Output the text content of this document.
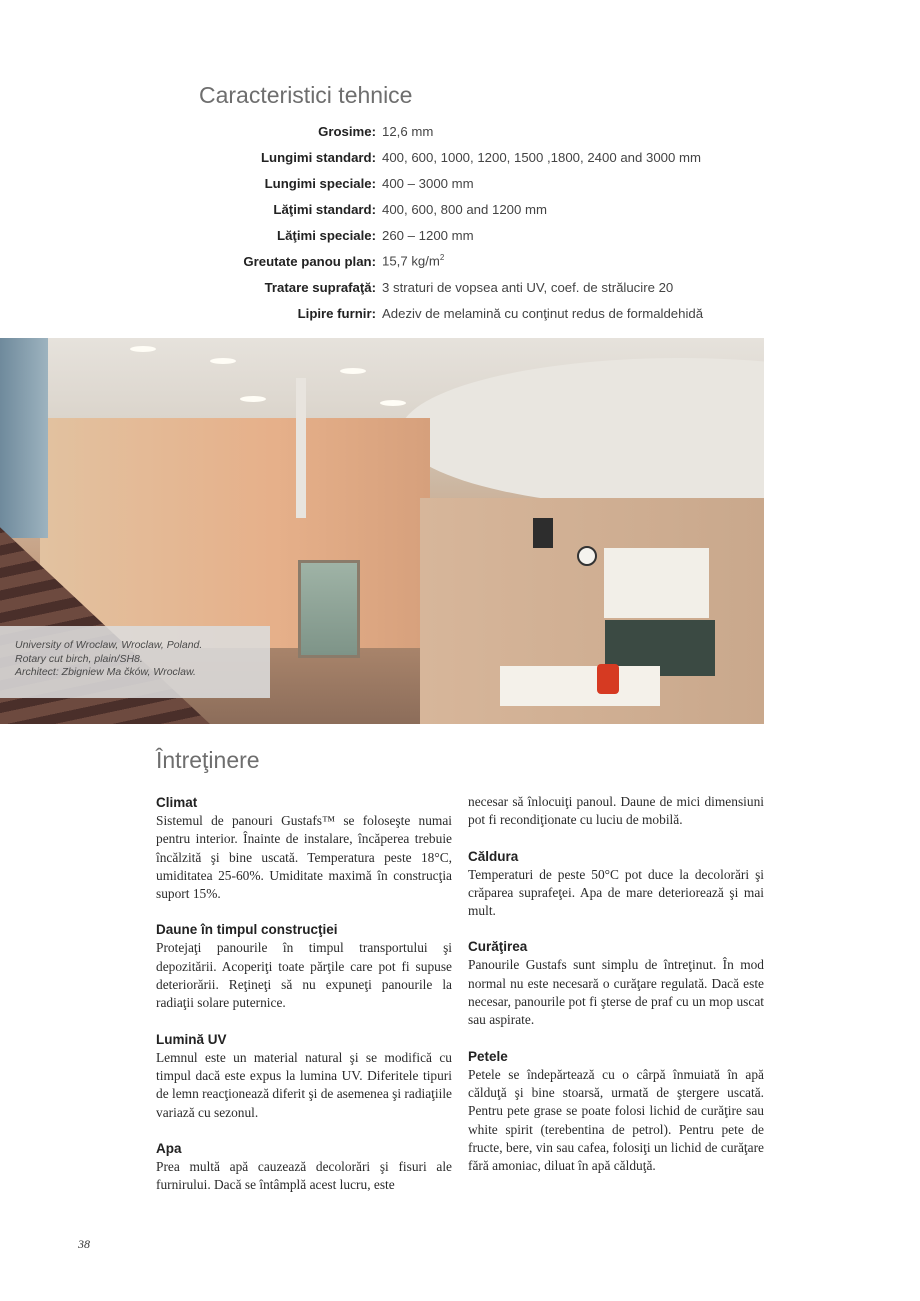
Caracteristici tehnice
Grosime: 12,6 mm
Lungimi standard: 400, 600, 1000, 1200, 1500 ,1800, 2400 and 3000 mm
Lungimi speciale: 400 – 3000 mm
Lăţimi standard: 400, 600, 800 and 1200 mm
Lăţimi speciale: 260 – 1200 mm
Greutate panou plan: 15,7 $kg/m^2$
Tratare suprafaţă: 3 straturi de vopsea anti UV, coef. de strălucire 20
Lipire furnir: Adeziv de melamină cu conţinut redus de formaldehidă
University of Wroclaw, Wroclaw, Poland.
Rotary cut birch, plain/SH8.
Architect: Zbigniew Ma čków, Wroclaw.
Întreţinere
Climat

Sistemul de panouri Gustafs™ se foloseşte numai pentru interior. Înainte de instalare, încăperea trebuie încălzită şi bine uscată. Temperatura peste 18°C, umiditatea 25-60%. Umiditate maximă în construcţia suport 15%.

Daune în timpul construcţiei

Protejaţi panourile în timpul transportului şi depozitării. Acoperiţi toate părţile care pot fi supuse deteriorării. Reţineţi să nu expuneţi panourile la radiaţii solare puternice.

Lumină UV

Lemnul este un material natural şi se modifică cu timpul dacă este expus la lumina UV. Diferitele tipuri de lemn reacţionează diferit şi de asemenea şi radiaţiile variază cu sezonul.

Apa

Prea multă apă cauzează decolorări şi fisuri ale furnirului. Dacă se întâmplă acest lucru, este

necesar să înlocuiţi panoul. Daune de mici dimensiuni pot fi recondiţionate cu luciu de mobilă.

Căldura

Temperaturi de peste 50°C pot duce la decolorări şi crăparea suprafeţei. Apa de mare deteriorează şi mai mult.

Curăţirea

Panourile Gustafs sunt simplu de întreţinut. În mod normal nu este necesară o curăţare regulată. Dacă este necesar, panourile pot fi şterse de praf cu un mop uscat sau aspirate.

Petele

Petele se îndepărtează cu o cârpă înmuiată în apă călduţă şi bine stoarsă, urmată de ştergere uscată. Pentru pete grase se poate folosi lichid de curăţire sau white spirit (terebentina de petrol). Pentru pete de fructe, bere, vin sau cafea, folosiţi un lichid de curăţare fără amoniac, diluat în apă călduţă.

38
